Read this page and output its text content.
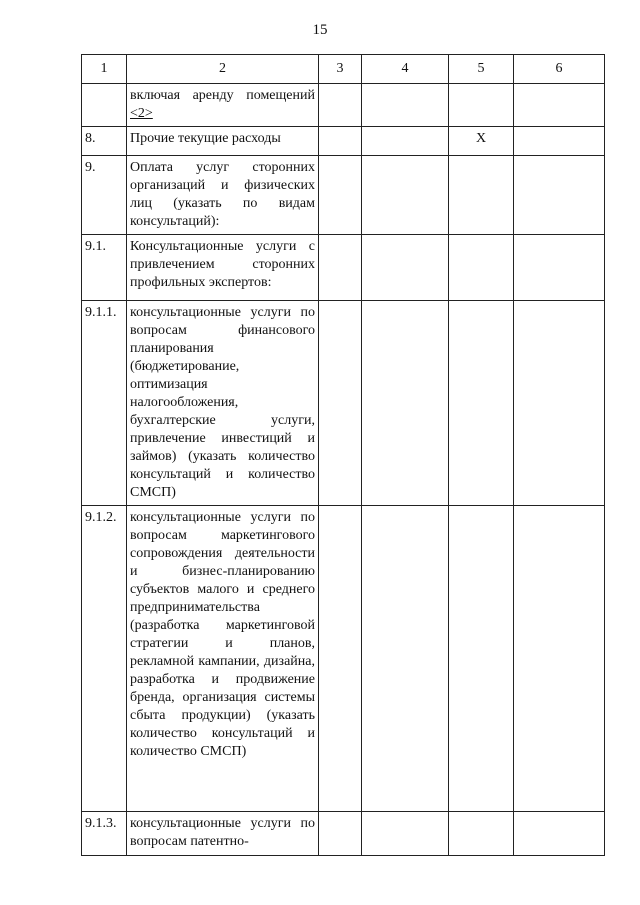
15
1	2	3	4	5	6
	включая аренду помещений <2>				
8.	Прочие текущие расходы			X	
9.	Оплата услуг сторонних организаций и физических лиц (указать по видам консультаций):				
9.1.	Консультационные услуги с привлечением сторонних профильных экспертов:				
9.1.1.	консультационные услуги по вопросам финансового планирования (бюджетирование, оптимизация налогообложения, бухгалтерские услуги, привлечение инвестиций и займов) (указать количество консультаций и количество СМСП)				
9.1.2.	консультационные услуги по вопросам маркетингового сопровождения деятельности и бизнес-планированию субъектов малого и среднего предпринимательства (разработка маркетинговой стратегии и планов, рекламной кампании, дизайна, разработка и продвижение бренда, организация системы сбыта продукции) (указать количество консультаций и количество СМСП)				
9.1.3.	консультационные услуги по вопросам патентно-				
